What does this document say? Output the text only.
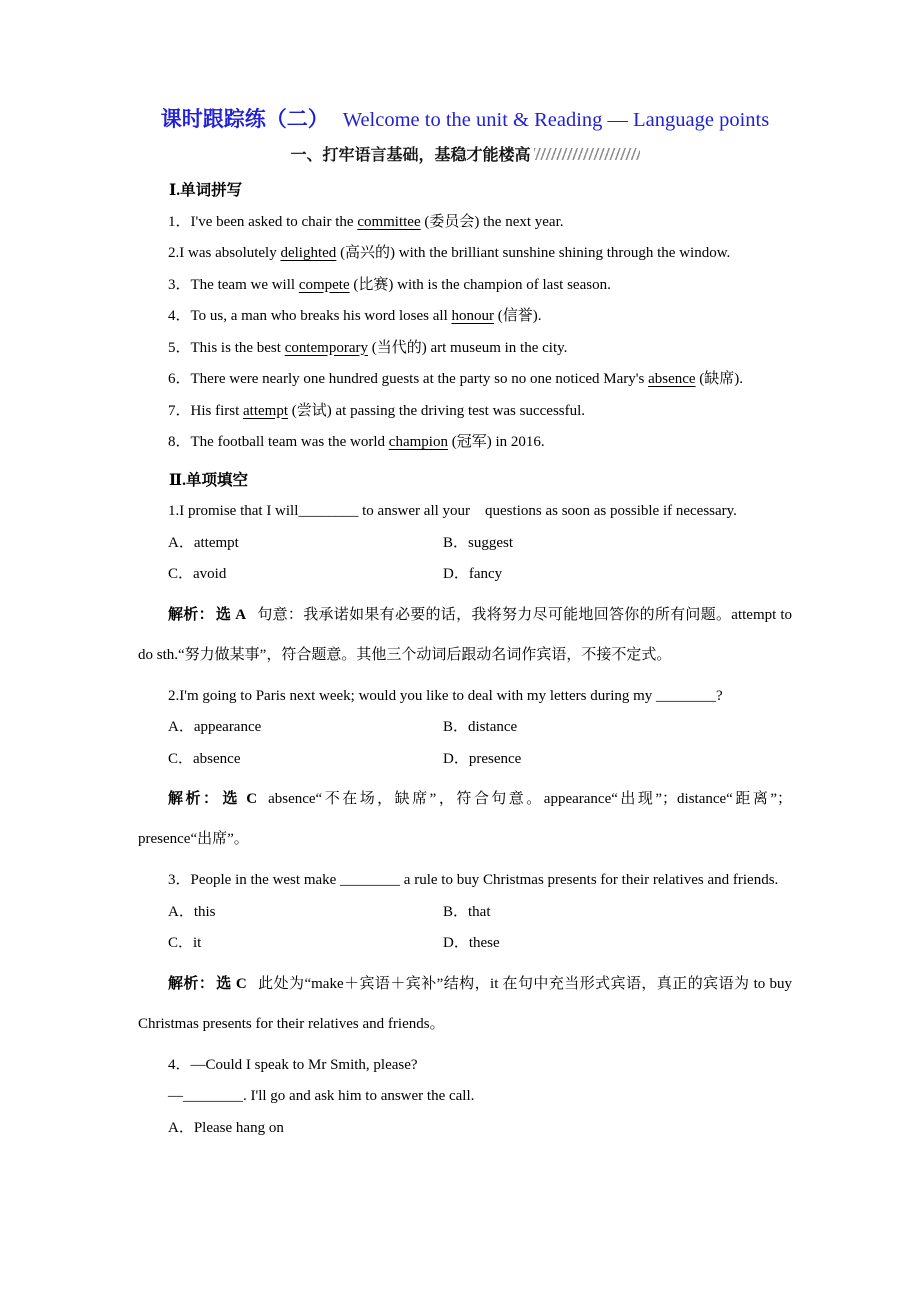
课时跟踪练（二） Welcome to the unit & Reading — Language points
一、打牢语言基础，基稳才能楼高

Ⅰ.单词拼写

1．I've been asked to chair the committee (委员会) the next year.

2.I was absolutely delighted (高兴的) with the brilliant sunshine shining through the window.

3．The team we will compete (比赛) with is the champion of last season.

4．To us, a man who breaks his word loses all honour (信誉).

5．This is the best contemporary (当代的) art museum in the city.

6．There were nearly one hundred guests at the party so no one noticed Mary's absence (缺席).

7．His first attempt (尝试) at passing the driving test was successful.

8．The football team was the world champion (冠军) in 2016.

Ⅱ.单项填空

1.I promise that I will________ to answer all your　questions as soon as possible if necessary.

A．attempt	B．suggest
C．avoid	D．fancy

解析： 选 A 句意：我承诺如果有必要的话，我将努力尽可能地回答你的所有问题。attempt to do sth.“努力做某事”，符合题意。其他三个动词后跟动名词作宾语，不接不定式。

2.I'm going to Paris next week; would you like to deal with my letters during my ________?

A．appearance	B．distance
C．absence	D．presence

解析： 选 C absence“不在场，缺席”，符合句意。appearance“出现”；distance“距离”；presence“出席”。

3．People in the west make ________ a rule to buy Christmas presents for their relatives and friends.

A．this	B．that
C．it	D．these

解析： 选 C 此处为“make＋宾语＋宾补”结构，it 在句中充当形式宾语，真正的宾语为 to buy Christmas presents for their relatives and friends。

4．—Could I speak to Mr Smith, please?

—________. I'll go and ask him to answer the call.

A．Please hang on
